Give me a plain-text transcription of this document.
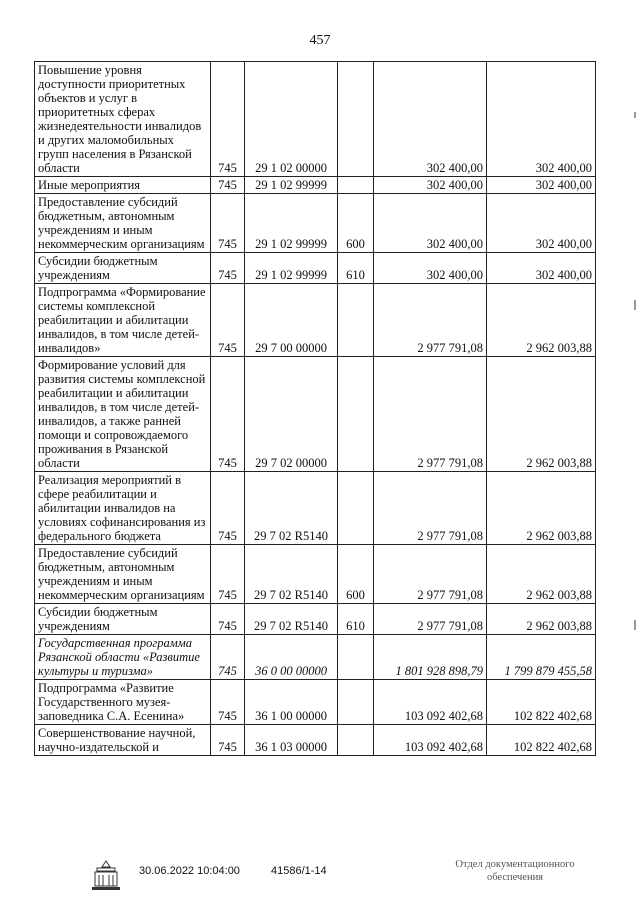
457
Повышение уровня доступности приоритетных объектов и услуг в приоритетных сферах жизнедеятельности инвалидов и других маломобильных групп населения в Рязанской области	745	29 1 02 00000		302 400,00	302 400,00
Иные мероприятия	745	29 1 02 99999		302 400,00	302 400,00
Предоставление субсидий бюджетным, автономным учреждениям и иным некоммерческим организациям	745	29 1 02 99999	600	302 400,00	302 400,00
Субсидии бюджетным учреждениям	745	29 1 02 99999	610	302 400,00	302 400,00
Подпрограмма «Формирование системы комплексной реабилитации и абилитации инвалидов, в том числе детей-инвалидов»	745	29 7 00 00000		2 977 791,08	2 962 003,88
Формирование условий для развития системы комплексной реабилитации и абилитации инвалидов, в том числе детей-инвалидов, а также ранней помощи и сопровождаемого проживания в Рязанской области	745	29 7 02 00000		2 977 791,08	2 962 003,88
Реализация мероприятий в сфере реабилитации и абилитации инвалидов на условиях софинансирования из федерального бюджета	745	29 7 02 R5140		2 977 791,08	2 962 003,88
Предоставление субсидий бюджетным, автономным учреждениям и иным некоммерческим организациям	745	29 7 02 R5140	600	2 977 791,08	2 962 003,88
Субсидии бюджетным учреждениям	745	29 7 02 R5140	610	2 977 791,08	2 962 003,88
Государственная программа Рязанской области «Развитие культуры и туризма»	745	36 0 00 00000		1 801 928 898,79	1 799 879 455,58
Подпрограмма «Развитие Государственного музея-заповедника С.А. Есенина»	745	36 1 00 00000		103 092 402,68	102 822 402,68
Совершенствование научной, научно-издательской и	745	36 1 03 00000		103 092 402,68	102 822 402,68
30.06.2022 10:04:00	41586/1-14
Отдел документационного
обеспечения
